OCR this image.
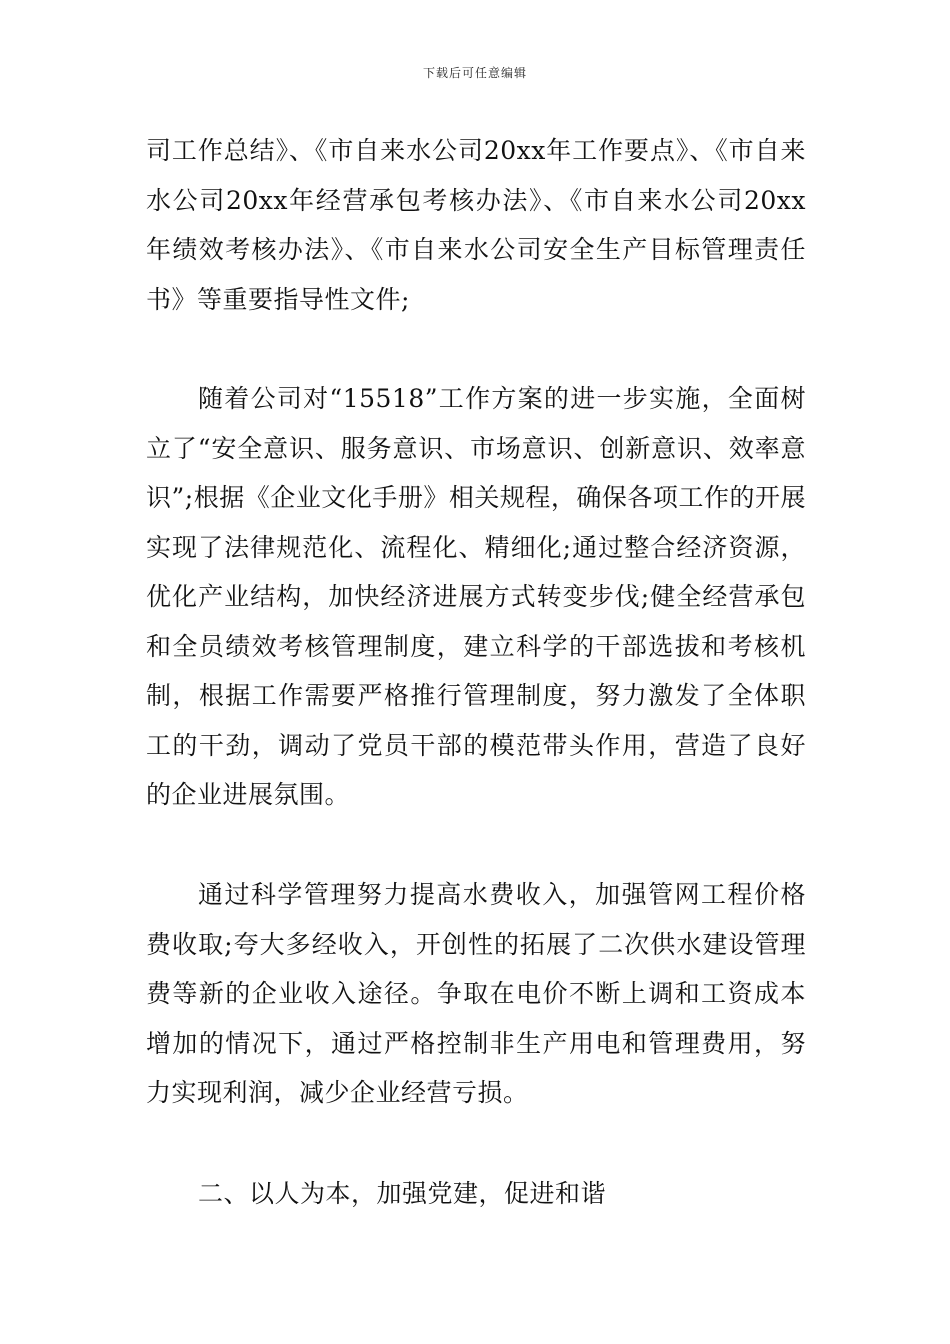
下载后可任意编辑

司工作总结》、《市自来水公司20xx年工作要点》、《市自来水公司20xx年经营承包考核办法》、《市自来水公司20xx年绩效考核办法》、《市自来水公司安全生产目标管理责任书》等重要指导性文件;

随着公司对“15518”工作方案的进一步实施，全面树立了“安全意识、服务意识、市场意识、创新意识、效率意识”;根据《企业文化手册》相关规程，确保各项工作的开展实现了法律规范化、流程化、精细化;通过整合经济资源，优化产业结构，加快经济进展方式转变步伐;健全经营承包和全员绩效考核管理制度，建立科学的干部选拔和考核机制，根据工作需要严格推行管理制度，努力激发了全体职工的干劲，调动了党员干部的模范带头作用，营造了良好的企业进展氛围。

通过科学管理努力提高水费收入，加强管网工程价格费收取;夸大多经收入，开创性的拓展了二次供水建设管理费等新的企业收入途径。争取在电价不断上调和工资成本增加的情况下，通过严格控制非生产用电和管理费用，努力实现利润，减少企业经营亏损。

二、以人为本，加强党建，促进和谐
